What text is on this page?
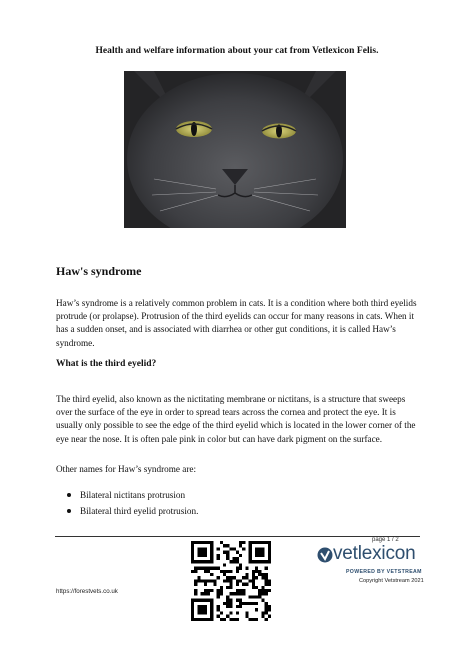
Health and welfare information about your cat from Vetlexicon Felis.
Haw's syndrome
Haw’s syndrome is a relatively common problem in cats. It is a condition where both third eyelids protrude (or prolapse). Protrusion of the third eyelids can occur for many reasons in cats. When it has a sudden onset, and is associated with diarrhea or other gut conditions, it is called Haw’s syndrome.
What is the third eyelid?
The third eyelid, also known as the nictitating membrane or nictitans, is a structure that sweeps over the surface of the eye in order to spread tears across the cornea and protect the eye. It is usually only possible to see the edge of the third eyelid which is located in the lower corner of the eye near the nose. It is often pale pink in color but can have dark pigment on the surface.
Other names for Haw’s syndrome are:
Bilateral nictitans protrusion
Bilateral third eyelid protrusion.
page 1 / 2
vetlexicon
POWERED BY VETSTREAM
Copyright Vetstream 2021
https://forestvets.co.uk
